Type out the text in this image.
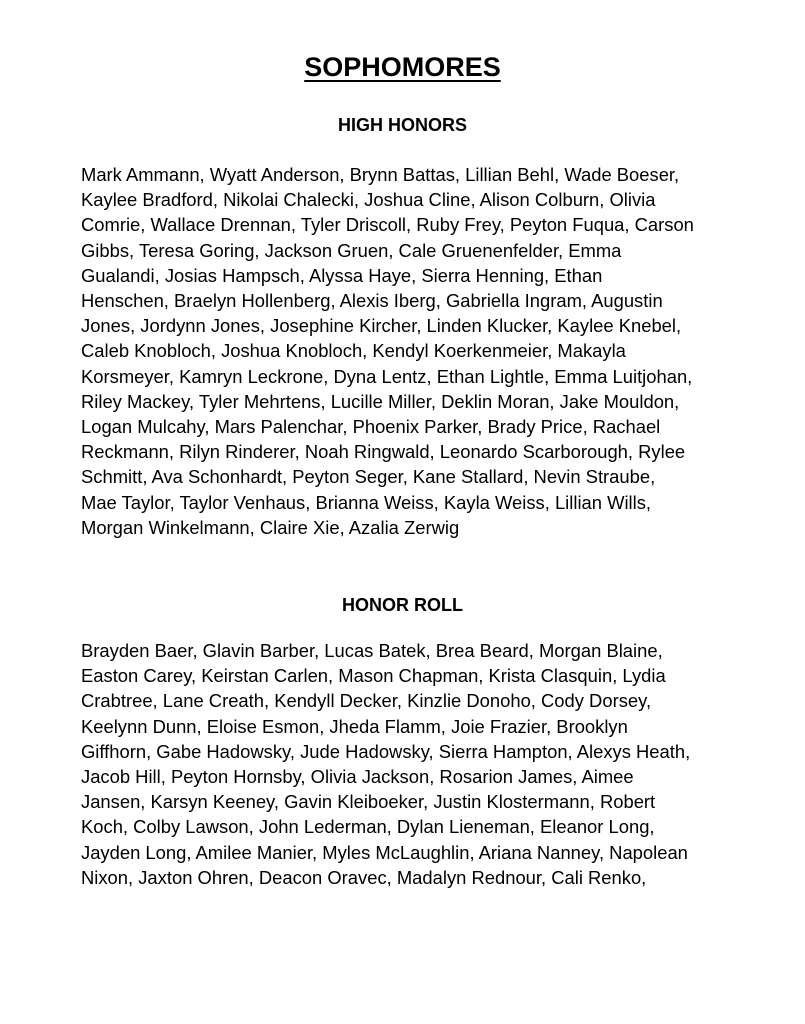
SOPHOMORES
HIGH HONORS
Mark Ammann, Wyatt Anderson, Brynn Battas, Lillian Behl, Wade Boeser,
Kaylee Bradford, Nikolai Chalecki, Joshua Cline, Alison Colburn, Olivia
Comrie, Wallace Drennan, Tyler Driscoll, Ruby Frey, Peyton Fuqua, Carson
Gibbs, Teresa Goring, Jackson Gruen, Cale Gruenenfelder, Emma
Gualandi, Josias Hampsch, Alyssa Haye, Sierra Henning, Ethan
Henschen, Braelyn Hollenberg, Alexis Iberg, Gabriella Ingram, Augustin
Jones, Jordynn Jones, Josephine Kircher, Linden Klucker, Kaylee Knebel,
Caleb Knobloch, Joshua Knobloch, Kendyl Koerkenmeier, Makayla
Korsmeyer, Kamryn Leckrone, Dyna Lentz, Ethan Lightle, Emma Luitjohan,
Riley Mackey, Tyler Mehrtens, Lucille Miller, Deklin Moran, Jake Mouldon,
Logan Mulcahy, Mars Palenchar, Phoenix Parker, Brady Price, Rachael
Reckmann, Rilyn Rinderer, Noah Ringwald, Leonardo Scarborough, Rylee
Schmitt, Ava Schonhardt, Peyton Seger, Kane Stallard, Nevin Straube,
Mae Taylor, Taylor Venhaus, Brianna Weiss, Kayla Weiss, Lillian Wills,
Morgan Winkelmann, Claire Xie, Azalia Zerwig
HONOR ROLL
Brayden Baer, Glavin Barber, Lucas Batek, Brea Beard, Morgan Blaine,
Easton Carey, Keirstan Carlen, Mason Chapman, Krista Clasquin, Lydia
Crabtree, Lane Creath, Kendyll Decker, Kinzlie Donoho, Cody Dorsey,
Keelynn Dunn, Eloise Esmon, Jheda Flamm, Joie Frazier, Brooklyn
Giffhorn, Gabe Hadowsky, Jude Hadowsky, Sierra Hampton, Alexys Heath,
Jacob Hill, Peyton Hornsby, Olivia Jackson, Rosarion James, Aimee
Jansen, Karsyn Keeney, Gavin Kleiboeker, Justin Klostermann, Robert
Koch, Colby Lawson, John Lederman, Dylan Lieneman, Eleanor Long,
Jayden Long, Amilee Manier, Myles McLaughlin, Ariana Nanney, Napolean
Nixon, Jaxton Ohren, Deacon Oravec, Madalyn Rednour, Cali Renko,
